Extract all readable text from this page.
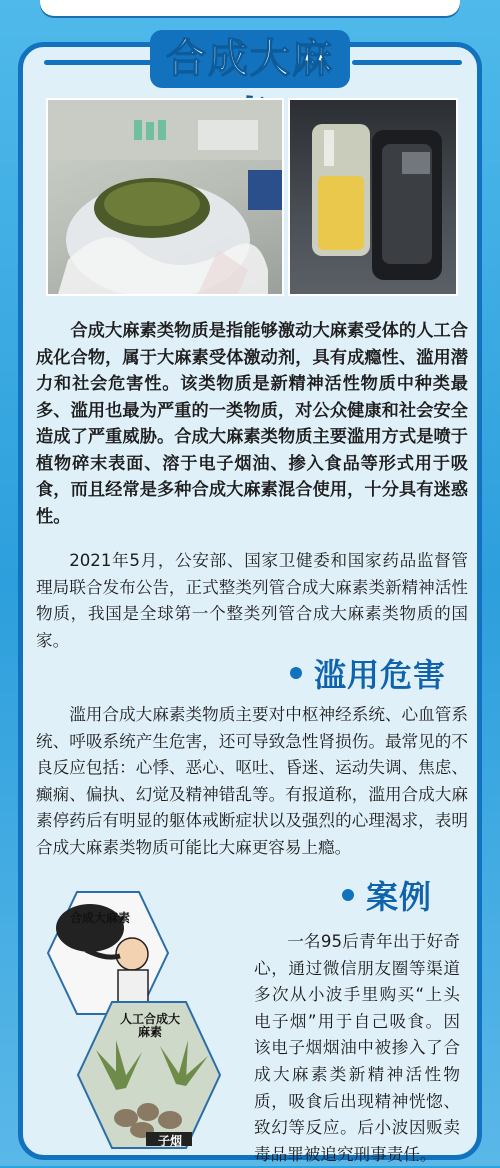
合成大麻
合成大麻素类物质是指能够激动大麻素受体的人工合成化合物，属于大麻素受体激动剂，具有成瘾性、滥用潜力和社会危害性。该类物质是新精神活性物质中种类最多、滥用也最为严重的一类物质，对公众健康和社会安全造成了严重威胁。合成大麻素类物质主要滥用方式是喷于植物碎末表面、溶于电子烟油、掺入食品等形式用于吸食，而且经常是多种合成大麻素混合使用，十分具有迷惑性。
2021年5月，公安部、国家卫健委和国家药品监督管理局联合发布公告，正式整类列管合成大麻素类新精神活性物质，我国是全球第一个整类列管合成大麻素类物质的国家。
滥用危害
滥用合成大麻素类物质主要对中枢神经系统、心血管系统、呼吸系统产生危害，还可导致急性肾损伤。最常见的不良反应包括：心悸、恶心、呕吐、昏迷、运动失调、焦虑、癫痫、偏执、幻觉及精神错乱等。有报道称，滥用合成大麻素停药后有明显的躯体戒断症状以及强烈的心理渴求，表明合成大麻素类物质可能比大麻更容易上瘾。
案例
合成大麻素
人工合成大麻素
子烟
一名95后青年出于好奇心，通过微信朋友圈等渠道多次从小波手里购买“上头电子烟”用于自己吸食。因该电子烟烟油中被掺入了合成大麻素类新精神活性物质，吸食后出现精神恍惚、致幻等反应。后小波因贩卖毒品罪被追究刑事责任。
